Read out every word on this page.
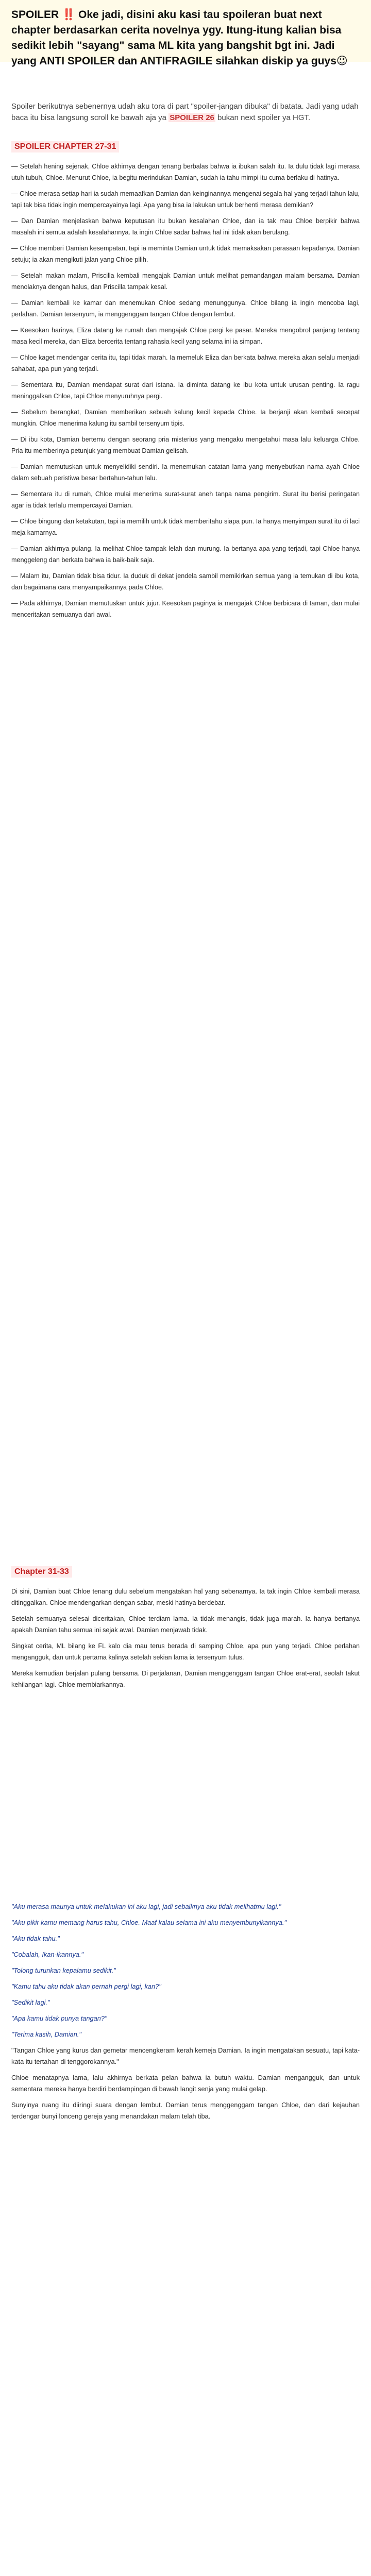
SPOILER ‼️ Oke jadi, disini aku kasi tau spoileran buat next chapter berdasarkan cerita novelnya ygy. Itung-itung kalian bisa sedikit lebih "sayang" sama ML kita yang bangshit bgt ini. Jadi yang ANTI SPOILER dan ANTIFRAGILE silahkan diskip ya guys😉
Spoiler berikutnya sebenernya udah aku tora di part "spoiler-jangan dibuka" di batata. Jadi yang udah baca itu bisa langsung scroll ke bawah aja ya SPOILER 26 bukan next spoiler ya HGT.
SPOILER CHAPTER 27-31

— Setelah hening sejenak, Chloe akhirnya dengan tenang berbalas bahwa ia ibukan salah itu. Ia dulu tidak lagi merasa utuh tubuh, Chloe. Menurut Chloe, ia begitu merindukan Damian, sudah ia tahu mimpi itu cuma berlaku di hatinya.

— Chloe merasa setiap hari ia sudah memaafkan Damian dan keinginannya mengenai segala hal yang terjadi tahun lalu, tapi tak bisa tidak ingin mempercayainya lagi. Apa yang bisa ia lakukan untuk berhenti merasa demikian?

— Dan Damian menjelaskan bahwa keputusan itu bukan kesalahan Chloe, dan ia tak mau Chloe berpikir bahwa masalah ini semua adalah kesalahannya. Ia ingin Chloe sadar bahwa hal ini tidak akan berulang.

— Chloe memberi Damian kesempatan, tapi ia meminta Damian untuk tidak memaksakan perasaan kepadanya. Damian setuju; ia akan mengikuti jalan yang Chloe pilih.

— Setelah makan malam, Priscilla kembali mengajak Damian untuk melihat pemandangan malam bersama. Damian menolaknya dengan halus, dan Priscilla tampak kesal.

— Damian kembali ke kamar dan menemukan Chloe sedang menunggunya. Chloe bilang ia ingin mencoba lagi, perlahan. Damian tersenyum, ia menggenggam tangan Chloe dengan lembut.

— Keesokan harinya, Eliza datang ke rumah dan mengajak Chloe pergi ke pasar. Mereka mengobrol panjang tentang masa kecil mereka, dan Eliza bercerita tentang rahasia kecil yang selama ini ia simpan.

— Chloe kaget mendengar cerita itu, tapi tidak marah. Ia memeluk Eliza dan berkata bahwa mereka akan selalu menjadi sahabat, apa pun yang terjadi.

— Sementara itu, Damian mendapat surat dari istana. Ia diminta datang ke ibu kota untuk urusan penting. Ia ragu meninggalkan Chloe, tapi Chloe menyuruhnya pergi.

— Sebelum berangkat, Damian memberikan sebuah kalung kecil kepada Chloe. Ia berjanji akan kembali secepat mungkin. Chloe menerima kalung itu sambil tersenyum tipis.

— Di ibu kota, Damian bertemu dengan seorang pria misterius yang mengaku mengetahui masa lalu keluarga Chloe. Pria itu memberinya petunjuk yang membuat Damian gelisah.

— Damian memutuskan untuk menyelidiki sendiri. Ia menemukan catatan lama yang menyebutkan nama ayah Chloe dalam sebuah peristiwa besar bertahun-tahun lalu.

— Sementara itu di rumah, Chloe mulai menerima surat-surat aneh tanpa nama pengirim. Surat itu berisi peringatan agar ia tidak terlalu mempercayai Damian.

— Chloe bingung dan ketakutan, tapi ia memilih untuk tidak memberitahu siapa pun. Ia hanya menyimpan surat itu di laci meja kamarnya.

— Damian akhirnya pulang. Ia melihat Chloe tampak lelah dan murung. Ia bertanya apa yang terjadi, tapi Chloe hanya menggeleng dan berkata bahwa ia baik-baik saja.

— Malam itu, Damian tidak bisa tidur. Ia duduk di dekat jendela sambil memikirkan semua yang ia temukan di ibu kota, dan bagaimana cara menyampaikannya pada Chloe.

— Pada akhirnya, Damian memutuskan untuk jujur. Keesokan paginya ia mengajak Chloe berbicara di taman, dan mulai menceritakan semuanya dari awal.

Chapter 31-33

Di sini, Damian buat Chloe tenang dulu sebelum mengatakan hal yang sebenarnya. Ia tak ingin Chloe kembali merasa ditinggalkan. Chloe mendengarkan dengan sabar, meski hatinya berdebar.

Setelah semuanya selesai diceritakan, Chloe terdiam lama. Ia tidak menangis, tidak juga marah. Ia hanya bertanya apakah Damian tahu semua ini sejak awal. Damian menjawab tidak.

Singkat cerita, ML bilang ke FL kalo dia mau terus berada di samping Chloe, apa pun yang terjadi. Chloe perlahan mengangguk, dan untuk pertama kalinya setelah sekian lama ia tersenyum tulus.

Mereka kemudian berjalan pulang bersama. Di perjalanan, Damian menggenggam tangan Chloe erat-erat, seolah takut kehilangan lagi. Chloe membiarkannya.

"Aku merasa maunya untuk melakukan ini aku lagi, jadi sebaiknya aku tidak melihatmu lagi."

"Aku pikir kamu memang harus tahu, Chloe. Maaf kalau selama ini aku menyembunyikannya."

"Aku tidak tahu."

"Cobalah, Ikan-ikannya."

"Tolong turunkan kepalamu sedikit."

"Kamu tahu aku tidak akan pernah pergi lagi, kan?"

"Sedikit lagi."

"Apa kamu tidak punya tangan?"

"Terima kasih, Damian."

"Tangan Chloe yang kurus dan gemetar mencengkeram kerah kemeja Damian. Ia ingin mengatakan sesuatu, tapi kata-kata itu tertahan di tenggorokannya."

Chloe menatapnya lama, lalu akhirnya berkata pelan bahwa ia butuh waktu. Damian mengangguk, dan untuk sementara mereka hanya berdiri berdampingan di bawah langit senja yang mulai gelap.

Sunyinya ruang itu diiringi suara dengan lembut. Damian terus menggenggam tangan Chloe, dan dari kejauhan terdengar bunyi lonceng gereja yang menandakan malam telah tiba.
